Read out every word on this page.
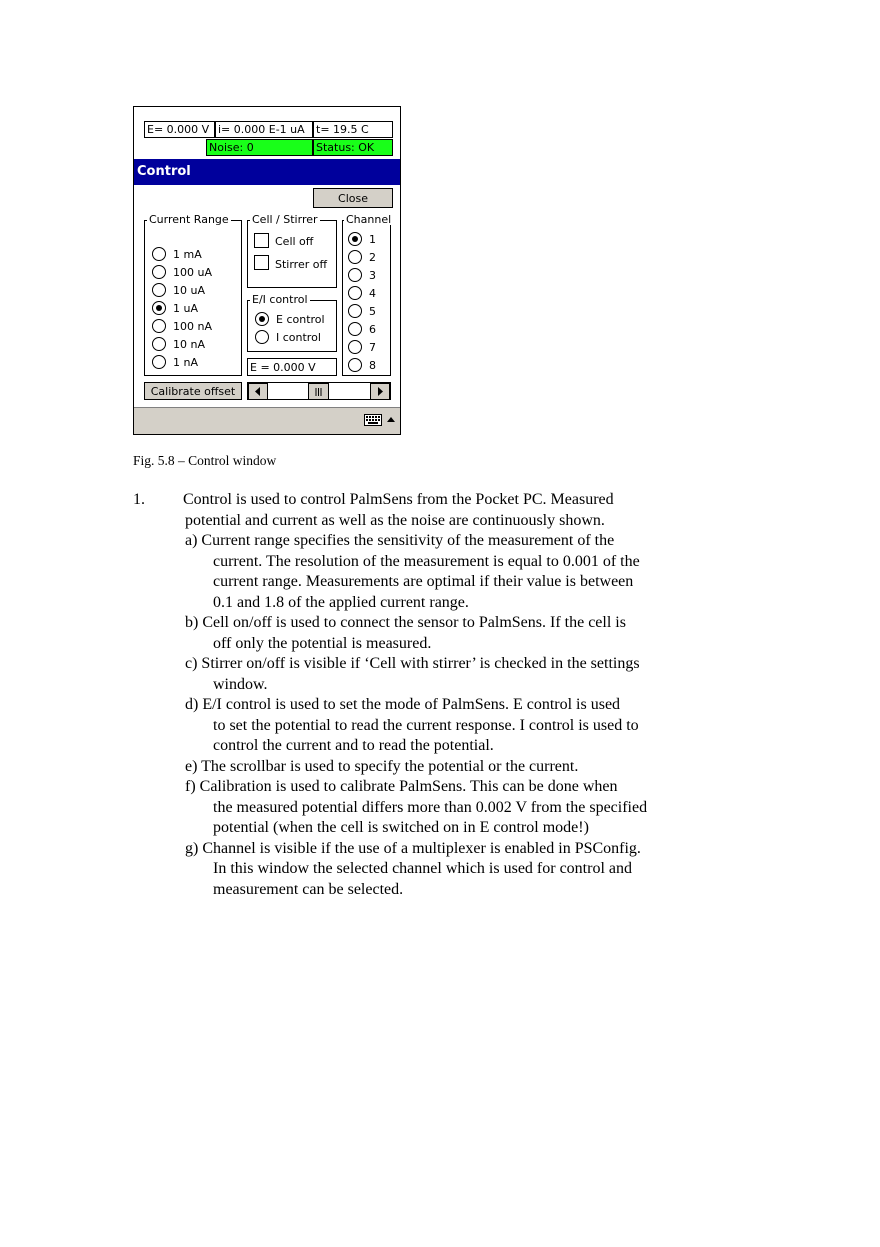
E= 0.000 V i= 0.000 E-1 uA	t= 19.5 C
Noise: 0	Status: OK
Control
Close
Current Range
1 mA
100 uA
10 uA
1 uA
100 nA
10 nA
1 nA
Cell / Stirrer
Cell off
Stirrer off
E/I control
E control
I control
E = 0.000 V
Channel
1
2
3
4
5
6
7
8
Calibrate offset
Fig. 5.8 – Control window
1. Control is used to control PalmSens from the Pocket PC. Measured
potential and current as well as the noise are continuously shown.
a) Current range specifies the sensitivity of the measurement of the
current. The resolution of the measurement is equal to 0.001 of the
current range. Measurements are optimal if their value is between
0.1 and 1.8 of the applied current range.
b) Cell on/off is used to connect the sensor to PalmSens. If the cell is
off only the potential is measured.
c) Stirrer on/off is visible if ‘Cell with stirrer’ is checked in the settings
window.
d) E/I control is used to set the mode of PalmSens. E control is used
to set the potential to read the current response. I control is used to
control the current and to read the potential.
e) The scrollbar is used to specify the potential or the current.
f) Calibration is used to calibrate PalmSens. This can be done when
the measured potential differs more than 0.002 V from the specified
potential (when the cell is switched on in E control mode!)
g) Channel is visible if the use of a multiplexer is enabled in PSConfig.
In this window the selected channel which is used for control and
measurement can be selected.
